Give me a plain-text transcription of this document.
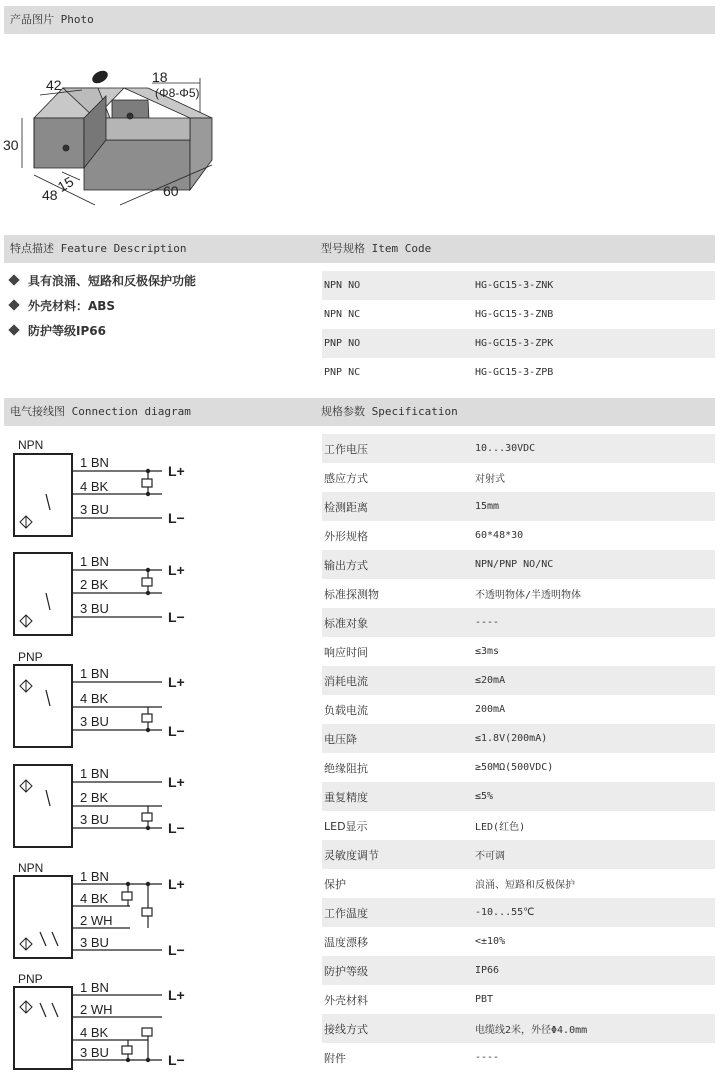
产品图片 Photo
特点描述 Feature Description	型号规格 Item Code
电气接线图 Connection diagram	规格参数 Specification
42	18
(Φ8-Φ5)
30
15
48	60
具有浪涌、短路和反极保护功能
外壳材料：ABS
防护等级IP66
NPN NO	HG-GC15-3-ZNK
NPN NC	HG-GC15-3-ZNB
PNP NO	HG-GC15-3-ZPK
PNP NC	HG-GC15-3-ZPB
工作电压	10...30VDC
感应方式	对射式
检测距离	15mm
外形规格	60*48*30
输出方式	NPN/PNP NO/NC
标准探测物	不透明物体/半透明物体
标准对象	----
响应时间	≤3ms
消耗电流	≤20mA
负载电流	200mA
电压降	≤1.8V(200mA)
绝缘阻抗	≥50MΩ(500VDC)
重复精度	≤5%
LED显示	LED(红色)
灵敏度调节	不可调
保护	浪涌、短路和反极保护
工作温度	-10...55℃
温度漂移	<±10%
防护等级	IP66
外壳材料	PBT
接线方式	电缆线2米，外径Φ4.0mm
附件	----
NPN
1 BN
4 BK
3 BU
L+
L−
1 BN
2 BK
3 BU
L+
L−
PNP
1 BN
4 BK
3 BU
L+
L−
1 BN
2 BK
3 BU
L+
L−
NPN
1 BN
4 BK
2 WH
3 BU
L+
L−
PNP
1 BN
2 WH
4 BK
3 BU
L+
L−
